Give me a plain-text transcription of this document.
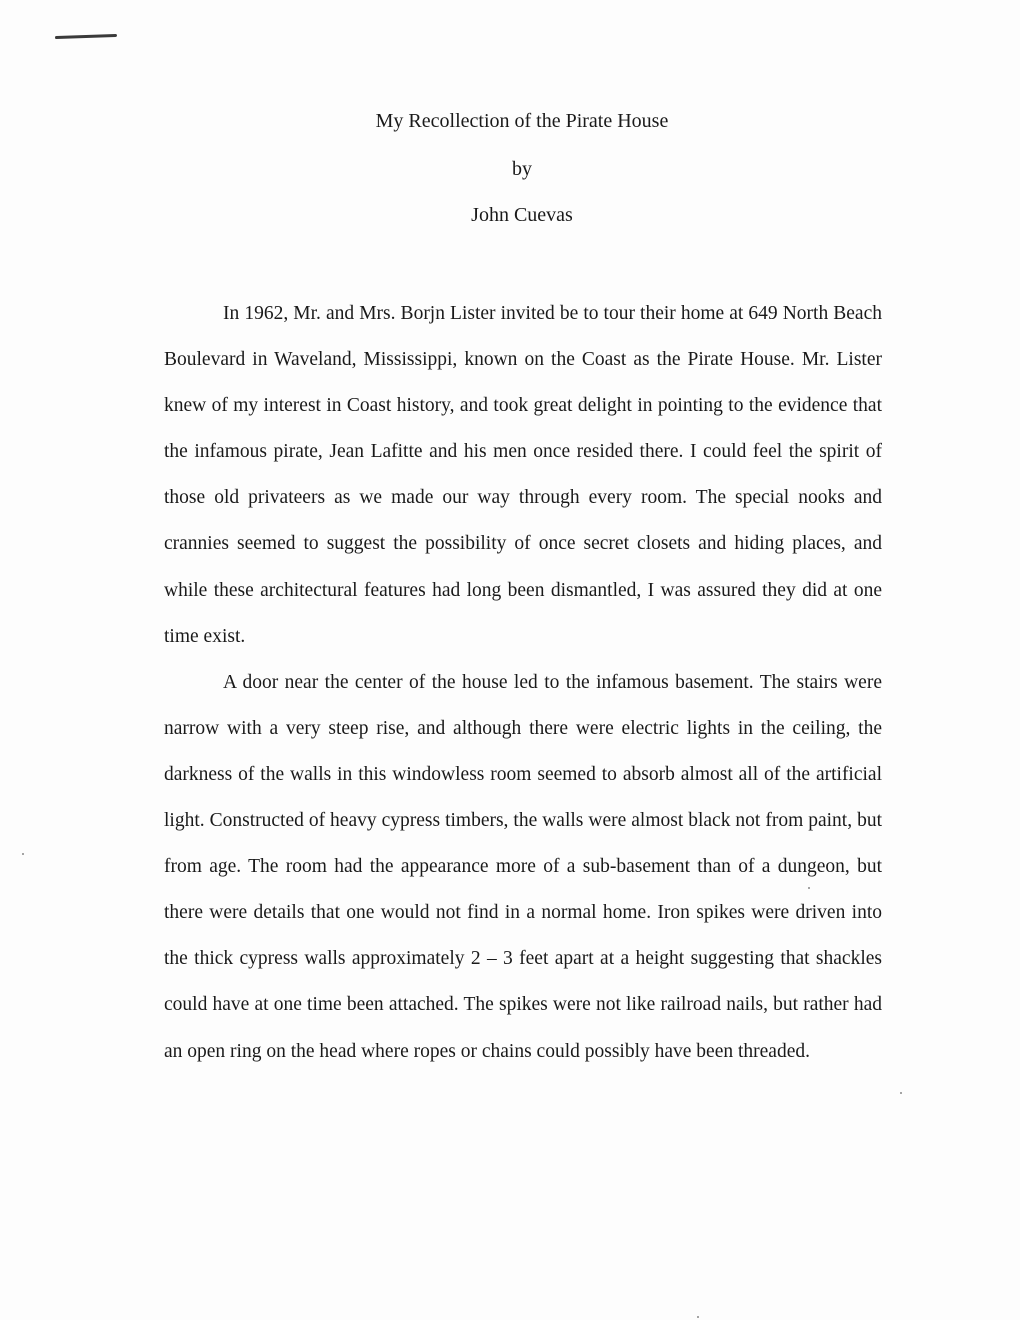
My Recollection of the Pirate House
by
John Cuevas

In 1962, Mr. and Mrs. Borjn Lister invited be to tour their home at 649 North Beach Boulevard in Waveland, Mississippi, known on the Coast as the Pirate House. Mr. Lister knew of my interest in Coast history, and took great delight in pointing to the evidence that the infamous pirate, Jean Lafitte and his men once resided there. I could feel the spirit of those old privateers as we made our way through every room. The special nooks and crannies seemed to suggest the possibility of once secret closets and hiding places, and while these architectural features had long been dismantled, I was assured they did at one time exist.

A door near the center of the house led to the infamous basement. The stairs were narrow with a very steep rise, and although there were electric lights in the ceiling, the darkness of the walls in this windowless room seemed to absorb almost all of the artificial light. Constructed of heavy cypress timbers, the walls were almost black not from paint, but from age. The room had the appearance more of a sub-basement than of a dungeon, but there were details that one would not find in a normal home. Iron spikes were driven into the thick cypress walls approximately 2 – 3 feet apart at a height suggesting that shackles could have at one time been attached. The spikes were not like railroad nails, but rather had an open ring on the head where ropes or chains could possibly have been threaded.
